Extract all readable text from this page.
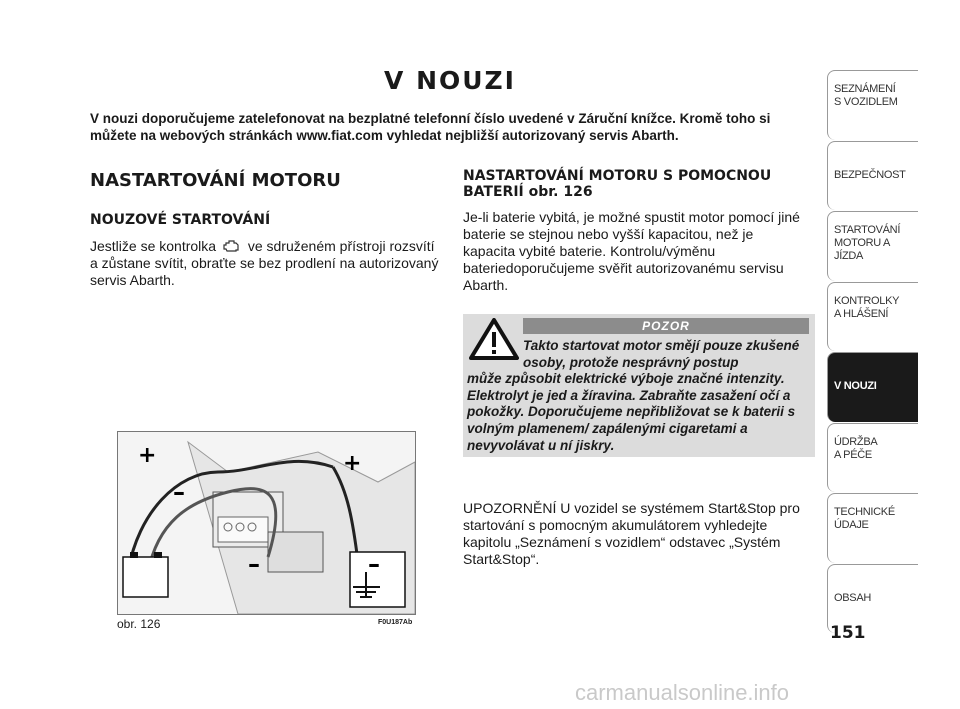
V NOUZI
V nouzi doporučujeme zatelefonovat na bezplatné telefonní číslo uvedené v Záruční knížce. Kromě toho si můžete na webových stránkách www.fiat.com vyhledat nejbližší autorizovaný servis Abarth.
NASTARTOVÁNÍ MOTORU
NOUZOVÉ STARTOVÁNÍ
Jestliže se kontrolka ve sdruženém přístroji rozsvítí a zůstane svítit, obraťte se bez prodlení na autorizovaný servis Abarth.
NASTARTOVÁNÍ MOTORU S POMOCNOU BATERIÍ obr. 126
Je-li baterie vybitá, je možné spustit motor pomocí jiné baterie se stejnou nebo vyšší kapacitou, než je kapacita vybité baterie. Kontrolu/výměnu bateriedoporučujeme svěřit autorizovanému servisu Abarth.
POZOR
Takto startovat motor smějí pouze zkušené osoby, protože nesprávný postup
může způsobit elektrické výboje značné intenzity. Elektrolyt je jed a žíravina. Zabraňte zasažení očí a pokožky. Doporučujeme nepřibližovat se k baterii s volným plamenem/ zapálenými cigaretami a nevyvolávat u ní jiskry.
UPOZORNĚNÍ U vozidel se systémem Start&Stop pro startování s pomocným akumulátorem vyhledejte kapitolu „Seznámení s vozidlem“ odstavec „Systém Start&Stop“.
+	+
–
–	–
obr. 126	F0U187Ab
SEZNÁMENÍ
S VOZIDLEM
BEZPEČNOST
STARTOVÁNÍ
MOTORU A JÍZDA
KONTROLKY
A HLÁŠENÍ
V NOUZI
ÚDRŽBA
A PÉČE
TECHNICKÉ
ÚDAJE
OBSAH
151
carmanualsonline.info
